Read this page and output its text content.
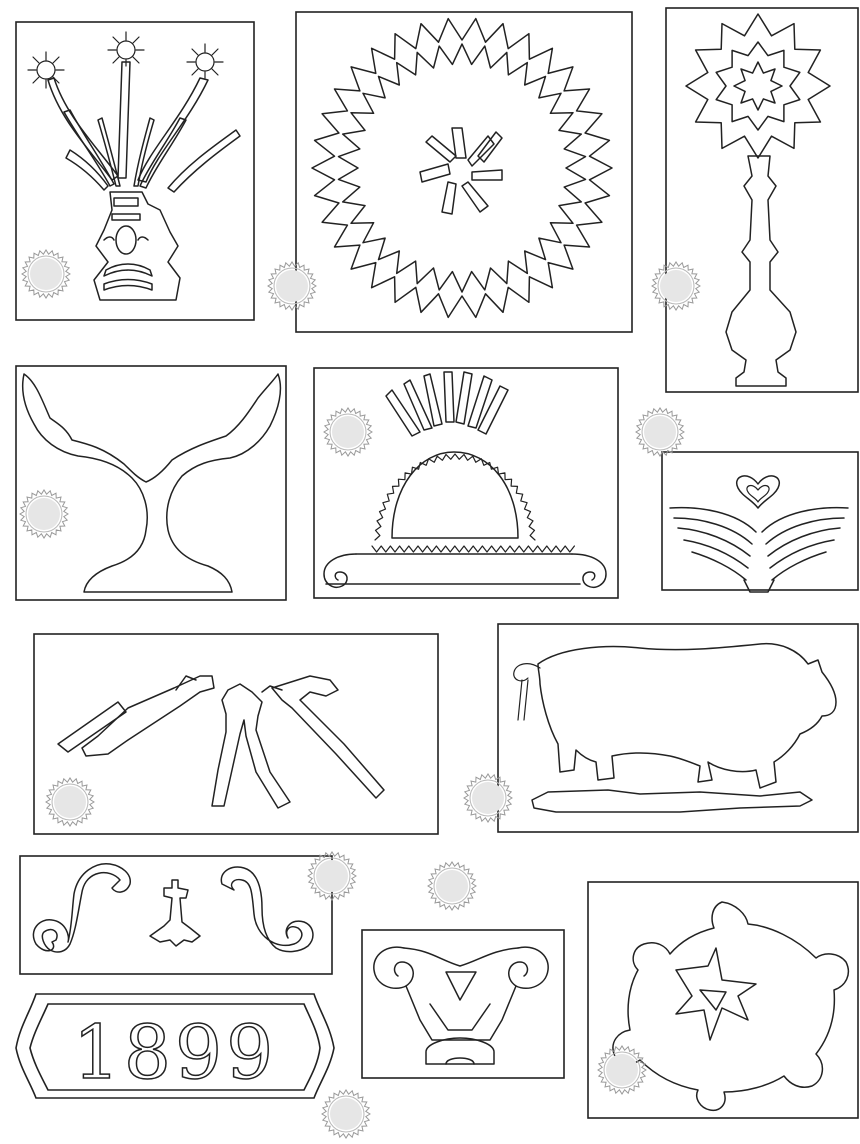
1899
